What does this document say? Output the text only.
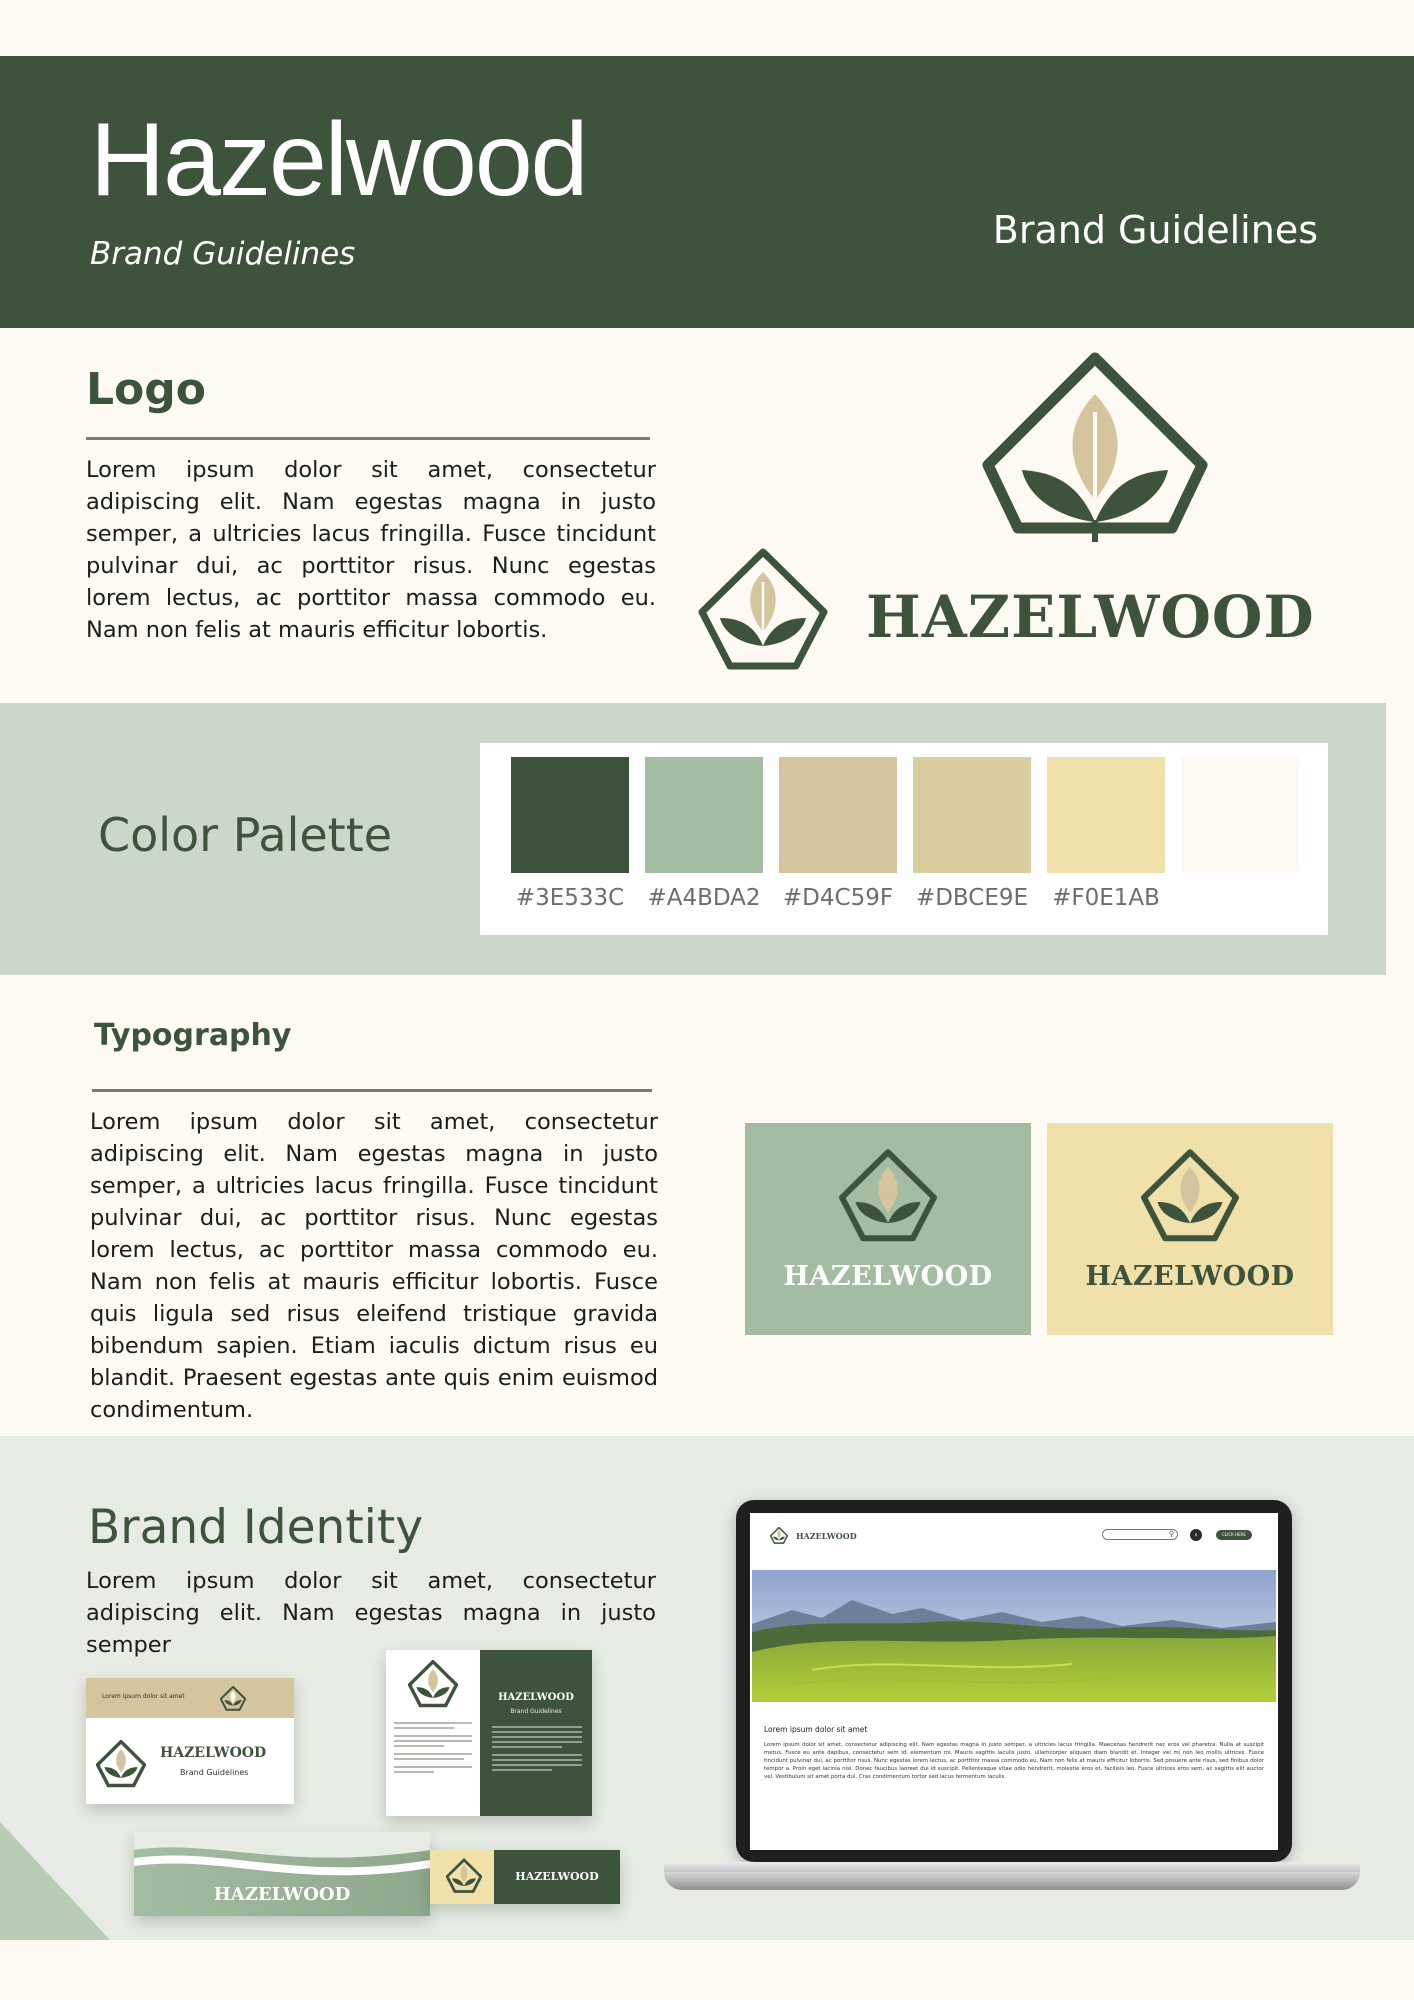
Hazelwood
Brand Guidelines
Brand Guidelines
Logo
Lorem ipsum dolor sit amet, consectetur adipiscing elit. Nam egestas magna in justo semper, a ultricies lacus fringilla. Fusce tincidunt pulvinar dui, ac porttitor risus. Nunc egestas lorem lectus, ac porttitor massa commodo eu. Nam non felis at mauris efficitur lobortis.	HAZELWOOD
Color Palette
#3E533C	#A4BDA2 #D4C59F #DBCE9E	#F0E1AB
Typography
Lorem ipsum dolor sit amet, consectetur adipiscing elit. Nam egestas magna in justo semper, a ultricies lacus fringilla. Fusce tincidunt pulvinar dui, ac porttitor risus. Nunc egestas lorem lectus, ac porttitor massa commodo eu. Nam non felis at mauris efficitur lobortis. Fusce quis ligula sed risus eleifend tristique gravida bibendum sapien. Etiam iaculis dictum risus eu blandit. Praesent egestas ante quis enim euismod condimentum.
HAZELWOOD	HAZELWOOD
Brand Identity
Lorem ipsum dolor sit amet, consectetur adipiscing elit. Nam egestas magna in justo semper
Lorem ipsum dolor sit amet
HAZELWOOD
Brand Guidelines
HAZELWOOD
Brand Guidelines
HAZELWOOD
HAZELWOOD
HAZELWOOD	⚲	‹	CLICK HERE
Lorem ipsum dolor sit amet
Lorem ipsum dolor sit amet, consectetur adipiscing elit. Nam egestas magna in justo semper, a ultricies lacus fringilla. Maecenas hendrerit nec eros vel pharetra. Nulla at suscipit metus. Fusce eu ante dapibus, consectetur sem id, elementum mi. Mauris sagittis iaculis justo, ullamcorper aliquam diam blandit et. Integer vel mi non leo mollis ultrices. Fusce tincidunt pulvinar dui, ac porttitor risus. Nunc egestas lorem lectus, ac porttitor massa commodo eu. Nam non felis at mauris efficitur lobortis. Sed posuere ante risus, sed finibus dolor tempor a. Proin eget lacinia nisi. Donec faucibus laoreet dui id suscipit. Pellentesque vitae odio hendrerit, molestie eros et, facilisis leo. Fusce ultrices eros sem, ac sagittis elit auctor vel. Vestibulum sit amet porta dui. Cras condimentum tortor sed lacus fermentum iaculis.
